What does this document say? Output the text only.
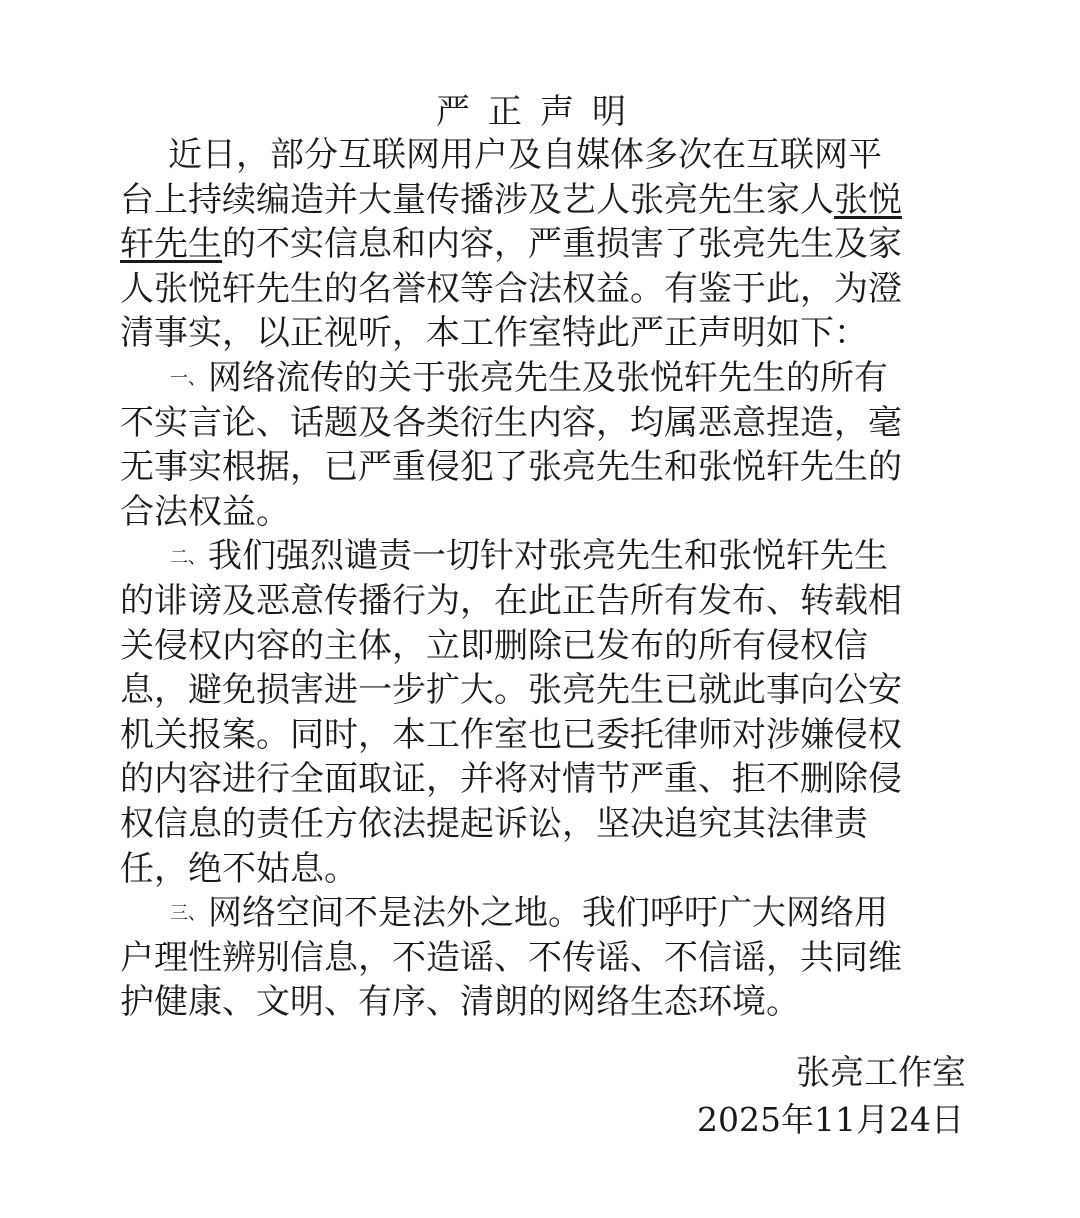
严正声明
近日，部分互联网用户及自媒体多次在互联网平
台上持续编造并大量传播涉及艺人张亮先生家人张悦
轩先生的不实信息和内容，严重损害了张亮先生及家
人张悦轩先生的名誉权等合法权益。有鉴于此，为澄
清事实，以正视听，本工作室特此严正声明如下：
一、网络流传的关于张亮先生及张悦轩先生的所有
不实言论、话题及各类衍生内容，均属恶意捏造，毫
无事实根据，已严重侵犯了张亮先生和张悦轩先生的
合法权益。
二、我们强烈谴责一切针对张亮先生和张悦轩先生
的诽谤及恶意传播行为，在此正告所有发布、转载相
关侵权内容的主体，立即删除已发布的所有侵权信
息，避免损害进一步扩大。张亮先生已就此事向公安
机关报案。同时，本工作室也已委托律师对涉嫌侵权
的内容进行全面取证，并将对情节严重、拒不删除侵
权信息的责任方依法提起诉讼，坚决追究其法律责
任，绝不姑息。
三、网络空间不是法外之地。我们呼吁广大网络用
户理性辨别信息，不造谣、不传谣、不信谣，共同维
护健康、文明、有序、清朗的网络生态环境。
张亮工作室
2025年11月24日
